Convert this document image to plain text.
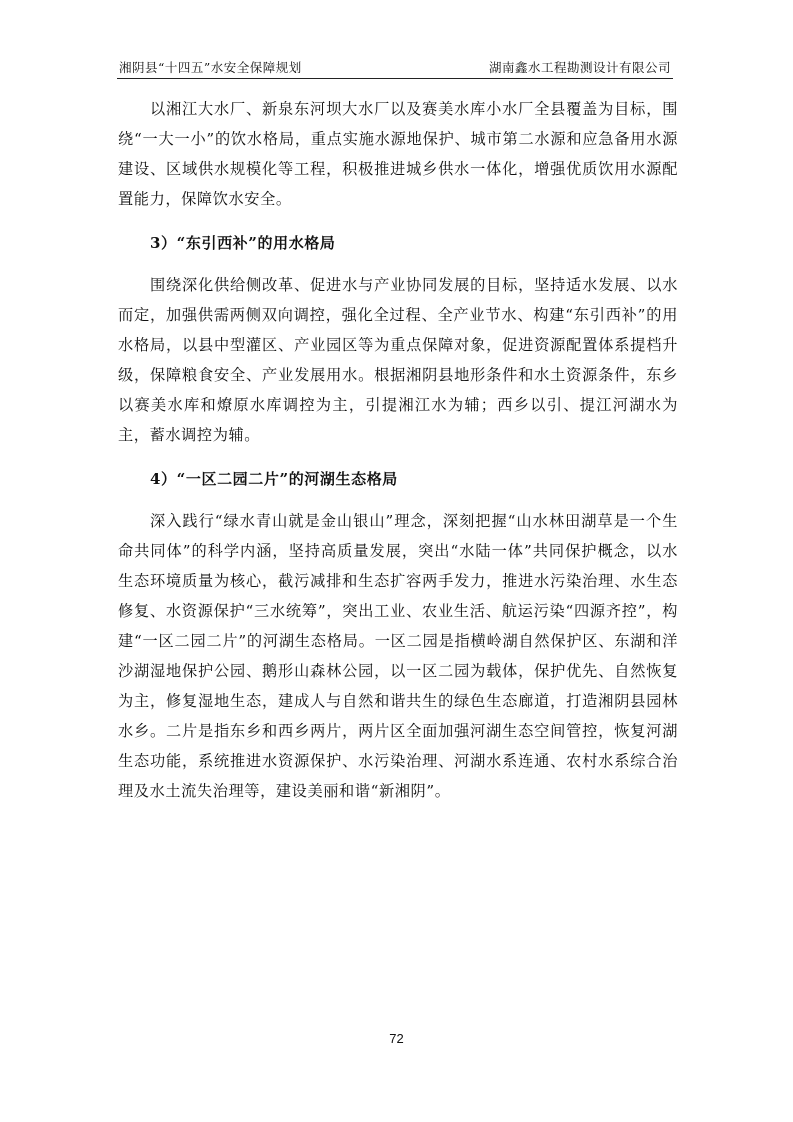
湘阴县“十四五”水安全保障规划	湖南鑫水工程勘测设计有限公司

以湘江大水厂、新泉东河坝大水厂以及赛美水库小水厂全县覆盖为目标，围绕“一大一小”的饮水格局，重点实施水源地保护、城市第二水源和应急备用水源建设、区域供水规模化等工程，积极推进城乡供水一体化，增强优质饮用水源配置能力，保障饮水安全。

3）“东引西补”的用水格局

围绕深化供给侧改革、促进水与产业协同发展的目标，坚持适水发展、以水而定，加强供需两侧双向调控，强化全过程、全产业节水、构建“东引西补”的用水格局，以县中型灌区、产业园区等为重点保障对象，促进资源配置体系提档升级，保障粮食安全、产业发展用水。根据湘阴县地形条件和水土资源条件，东乡以赛美水库和燎原水库调控为主，引提湘江水为辅；西乡以引、提江河湖水为主，蓄水调控为辅。

4）“一区二园二片”的河湖生态格局

深入践行“绿水青山就是金山银山”理念，深刻把握“山水林田湖草是一个生命共同体”的科学内涵，坚持高质量发展，突出“水陆一体”共同保护概念，以水生态环境质量为核心，截污减排和生态扩容两手发力，推进水污染治理、水生态修复、水资源保护“三水统筹”，突出工业、农业生活、航运污染“四源齐控”，构建“一区二园二片”的河湖生态格局。一区二园是指横岭湖自然保护区、东湖和洋沙湖湿地保护公园、鹅形山森林公园，以一区二园为载体，保护优先、自然恢复为主，修复湿地生态，建成人与自然和谐共生的绿色生态廊道，打造湘阴县园林水乡。二片是指东乡和西乡两片，两片区全面加强河湖生态空间管控，恢复河湖生态功能，系统推进水资源保护、水污染治理、河湖水系连通、农村水系综合治理及水土流失治理等，建设美丽和谐“新湘阴”。

72
